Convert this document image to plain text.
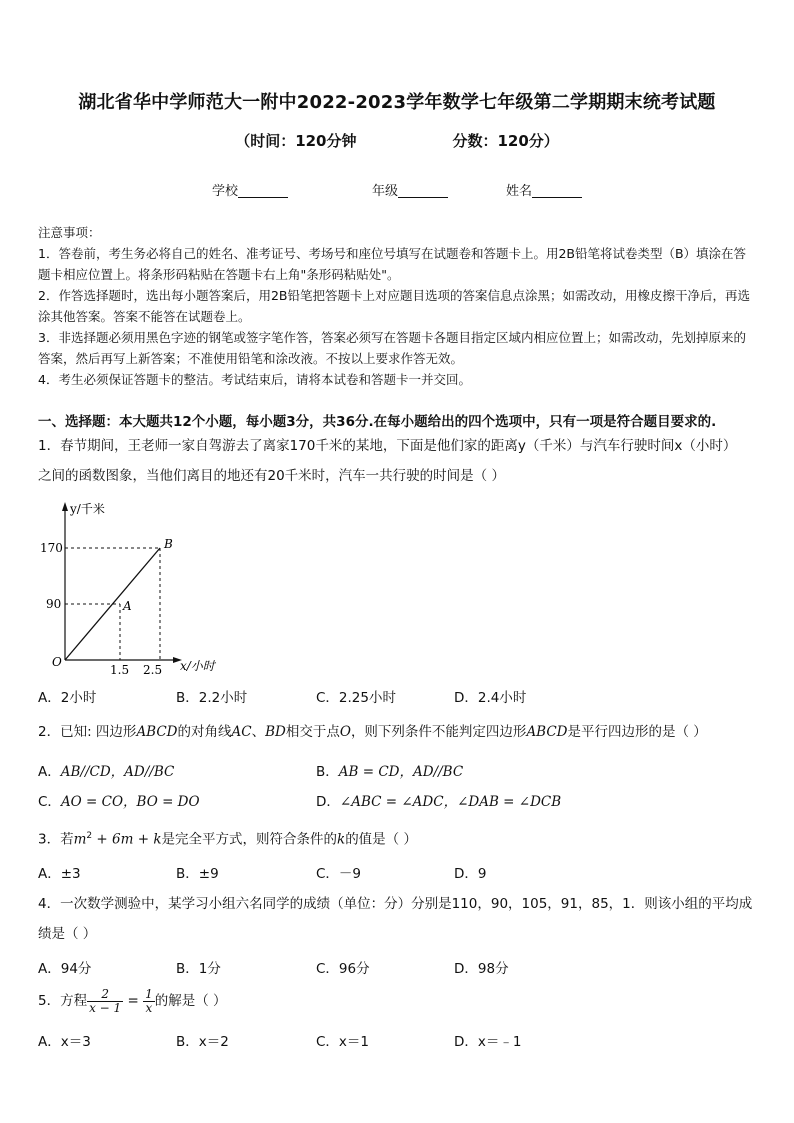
湖北省华中学师范大一附中2022-2023学年数学七年级第二学期期末统考试题
（时间：120分钟	分数：120分）
学校	年级	姓名

注意事项：

1．答卷前，考生务必将自己的姓名、准考证号、考场号和座位号填写在试题卷和答题卡上。用2B铅笔将试卷类型（B）填涂在答题卡相应位置上。将条形码粘贴在答题卡右上角"条形码粘贴处"。

2．作答选择题时，选出每小题答案后，用2B铅笔把答题卡上对应题目选项的答案信息点涂黑；如需改动，用橡皮擦干净后，再选涂其他答案。答案不能答在试题卷上。

3．非选择题必须用黑色字迹的钢笔或签字笔作答，答案必须写在答题卡各题目指定区域内相应位置上；如需改动，先划掉原来的答案，然后再写上新答案；不准使用铅笔和涂改液。不按以上要求作答无效。

4．考生必须保证答题卡的整洁。考试结束后，请将本试卷和答题卡一并交回。

一、选择题：本大题共12个小题，每小题3分，共36分.在每小题给出的四个选项中，只有一项是符合题目要求的.
1．春节期间，王老师一家自驾游去了离家170千米的某地，下面是他们家的距离y（千米）与汽车行驶时间x（小时）
之间的函数图象，当他们离目的地还有20千米时，汽车一共行驶的时间是（ ）
y/千米
x/小时
O
170
90
1.5 2.5
A
B
A．2小时	B．2.2小时	C．2.25小时	D．2.4小时
2．已知: 四边形ABCD的对角线AC、BD相交于点O，则下列条件不能判定四边形ABCD是平行四边形的是（ ）
A．AB//CD，AD//BC	B．AB = CD，AD//BC
C．AO = CO，BO = DO	D．∠ABC = ∠ADC，∠DAB = ∠DCB
3．若$m^2 + 6m + k$是完全平方式，则符合条件的k的值是（ ）
A．±3	B．±9	C．－9	D．9
4．一次数学测验中，某学习小组六名同学的成绩（单位：分）分别是110，90，105，91，85，1．则该小组的平均成
绩是（ ）
A．94分	B．1分	C．96分	D．98分
5．方程 $\frac{2}{x - 1} = \frac{1}{x}$ 的解是（ ）
A．x＝3	B．x＝2	C．x＝1	D．x＝﹣1
